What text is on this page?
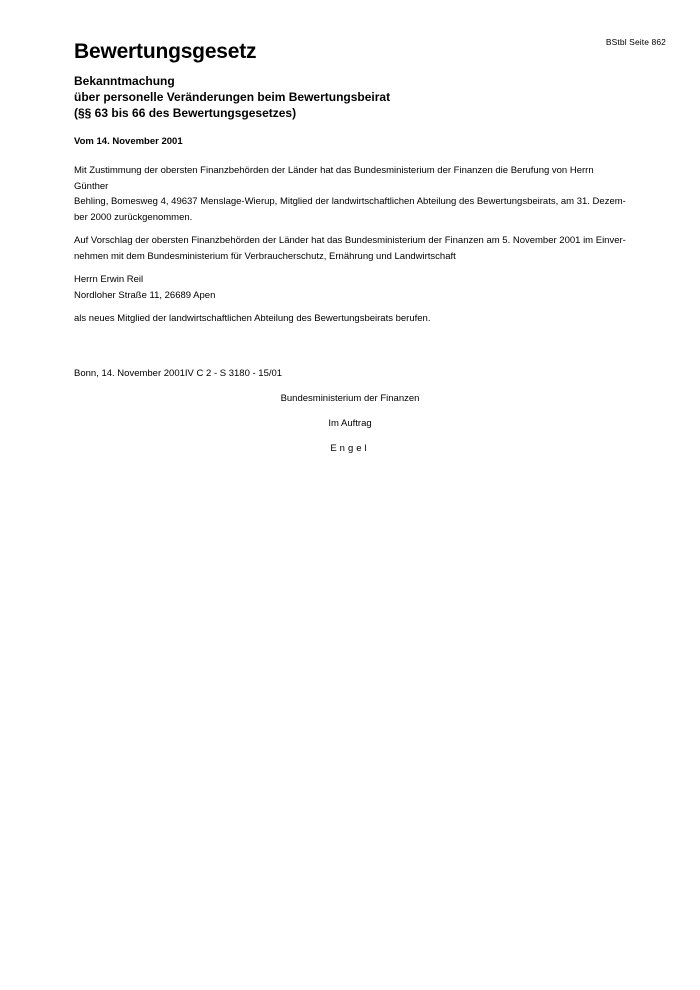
BStbl Seite 862
Bewertungsgesetz
Bekanntmachung
über personelle Veränderungen beim Bewertungsbeirat
(§§ 63 bis 66 des Bewertungsgesetzes)
Vom 14. November 2001
Mit Zustimmung der obersten Finanzbehörden der Länder hat das Bundesministerium der Finanzen die Berufung von Herrn Günther
Behling, Bomesweg 4, 49637 Menslage-Wierup, Mitglied der landwirtschaftlichen Abteilung des Bewertungsbeirats, am 31. Dezem-
ber 2000 zurückgenommen.
Auf Vorschlag der obersten Finanzbehörden der Länder hat das Bundesministerium der Finanzen am 5. November 2001 im Einver-
nehmen mit dem Bundesministerium für Verbraucherschutz, Ernährung und Landwirtschaft
Herrn Erwin Reil
Nordloher Straße 11, 26689 Apen
als neues Mitglied der landwirtschaftlichen Abteilung des Bewertungsbeirats berufen.
Bonn, 14. November 2001IV C 2 - S 3180 - 15/01
Bundesministerium der Finanzen
Im Auftrag
Engel
